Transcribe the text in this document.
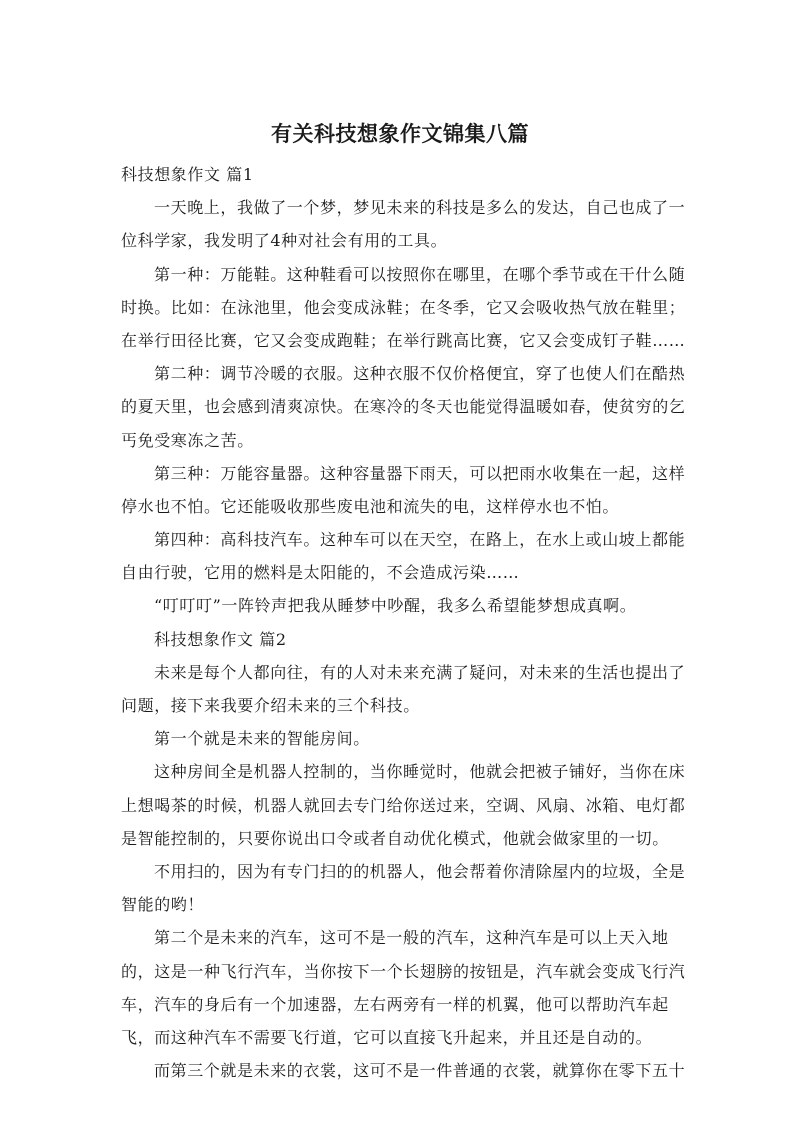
有关科技想象作文锦集八篇

科技想象作文 篇1

一天晚上，我做了一个梦，梦见未来的科技是多么的发达，自己也成了一

位科学家，我发明了4种对社会有用的工具。

第一种：万能鞋。这种鞋看可以按照你在哪里，在哪个季节或在干什么随

时换。比如：在泳池里，他会变成泳鞋；在冬季，它又会吸收热气放在鞋里；

在举行田径比赛，它又会变成跑鞋；在举行跳高比赛，它又会变成钉子鞋……

第二种：调节冷暖的衣服。这种衣服不仅价格便宜，穿了也使人们在酷热

的夏天里，也会感到清爽凉快。在寒冷的冬天也能觉得温暖如春，使贫穷的乞

丐免受寒冻之苦。

第三种：万能容量器。这种容量器下雨天，可以把雨水收集在一起，这样

停水也不怕。它还能吸收那些废电池和流失的电，这样停水也不怕。

第四种：高科技汽车。这种车可以在天空，在路上，在水上或山坡上都能

自由行驶，它用的燃料是太阳能的，不会造成污染……

“叮叮叮”一阵铃声把我从睡梦中吵醒，我多么希望能梦想成真啊。

科技想象作文 篇2

未来是每个人都向往，有的人对未来充满了疑问，对未来的生活也提出了

问题，接下来我要介绍未来的三个科技。

第一个就是未来的智能房间。

这种房间全是机器人控制的，当你睡觉时，他就会把被子铺好，当你在床

上想喝茶的时候，机器人就回去专门给你送过来，空调、风扇、冰箱、电灯都

是智能控制的，只要你说出口令或者自动优化模式，他就会做家里的一切。

不用扫的，因为有专门扫的的机器人，他会帮着你清除屋内的垃圾，全是

智能的哟！

第二个是未来的汽车，这可不是一般的汽车，这种汽车是可以上天入地

的，这是一种飞行汽车，当你按下一个长翅膀的按钮是，汽车就会变成飞行汽

车，汽车的身后有一个加速器，左右两旁有一样的机翼，他可以帮助汽车起

飞，而这种汽车不需要飞行道，它可以直接飞升起来，并且还是自动的。

而第三个就是未来的衣裳，这可不是一件普通的衣裳，就算你在零下五十
